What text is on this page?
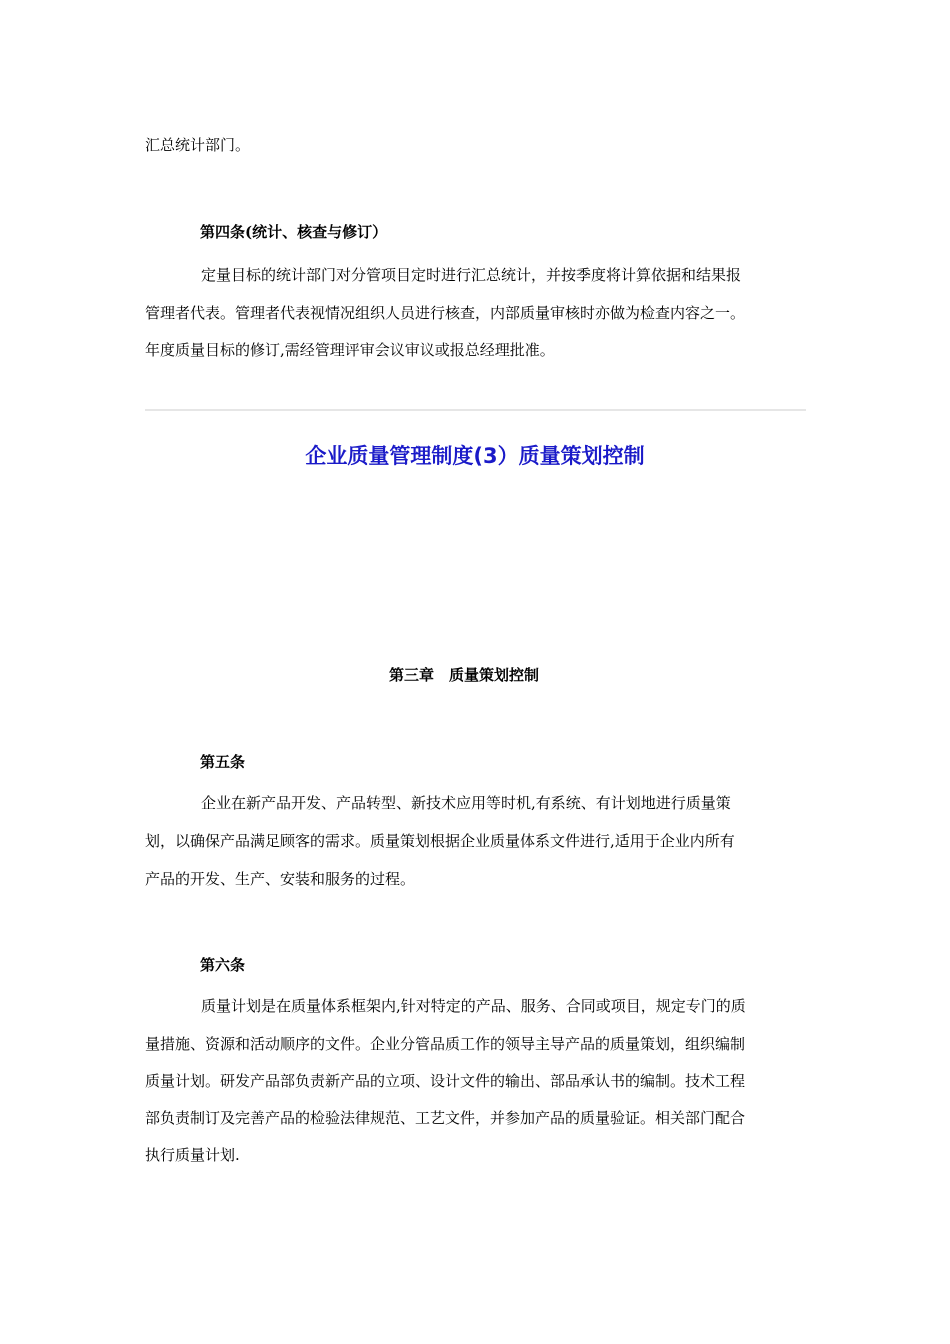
汇总统计部门。

第四条(统计、核查与修订）

定量目标的统计部门对分管项目定时进行汇总统计，并按季度将计算依据和结果报

管理者代表。管理者代表视情况组织人员进行核查，内部质量审核时亦做为检查内容之一。

年度质量目标的修订,需经管理评审会议审议或报总经理批准。

企业质量管理制度(3）质量策划控制

第三章　质量策划控制

第五条

企业在新产品开发、产品转型、新技术应用等时机,有系统、有计划地进行质量策

划，以确保产品满足顾客的需求。质量策划根据企业质量体系文件进行,适用于企业内所有

产品的开发、生产、安装和服务的过程。

第六条

质量计划是在质量体系框架内,针对特定的产品、服务、合同或项目，规定专门的质

量措施、资源和活动顺序的文件。企业分管品质工作的领导主导产品的质量策划，组织编制

质量计划。研发产品部负责新产品的立项、设计文件的输出、部品承认书的编制。技术工程

部负责制订及完善产品的检验法律规范、工艺文件，并参加产品的质量验证。相关部门配合

执行质量计划.
